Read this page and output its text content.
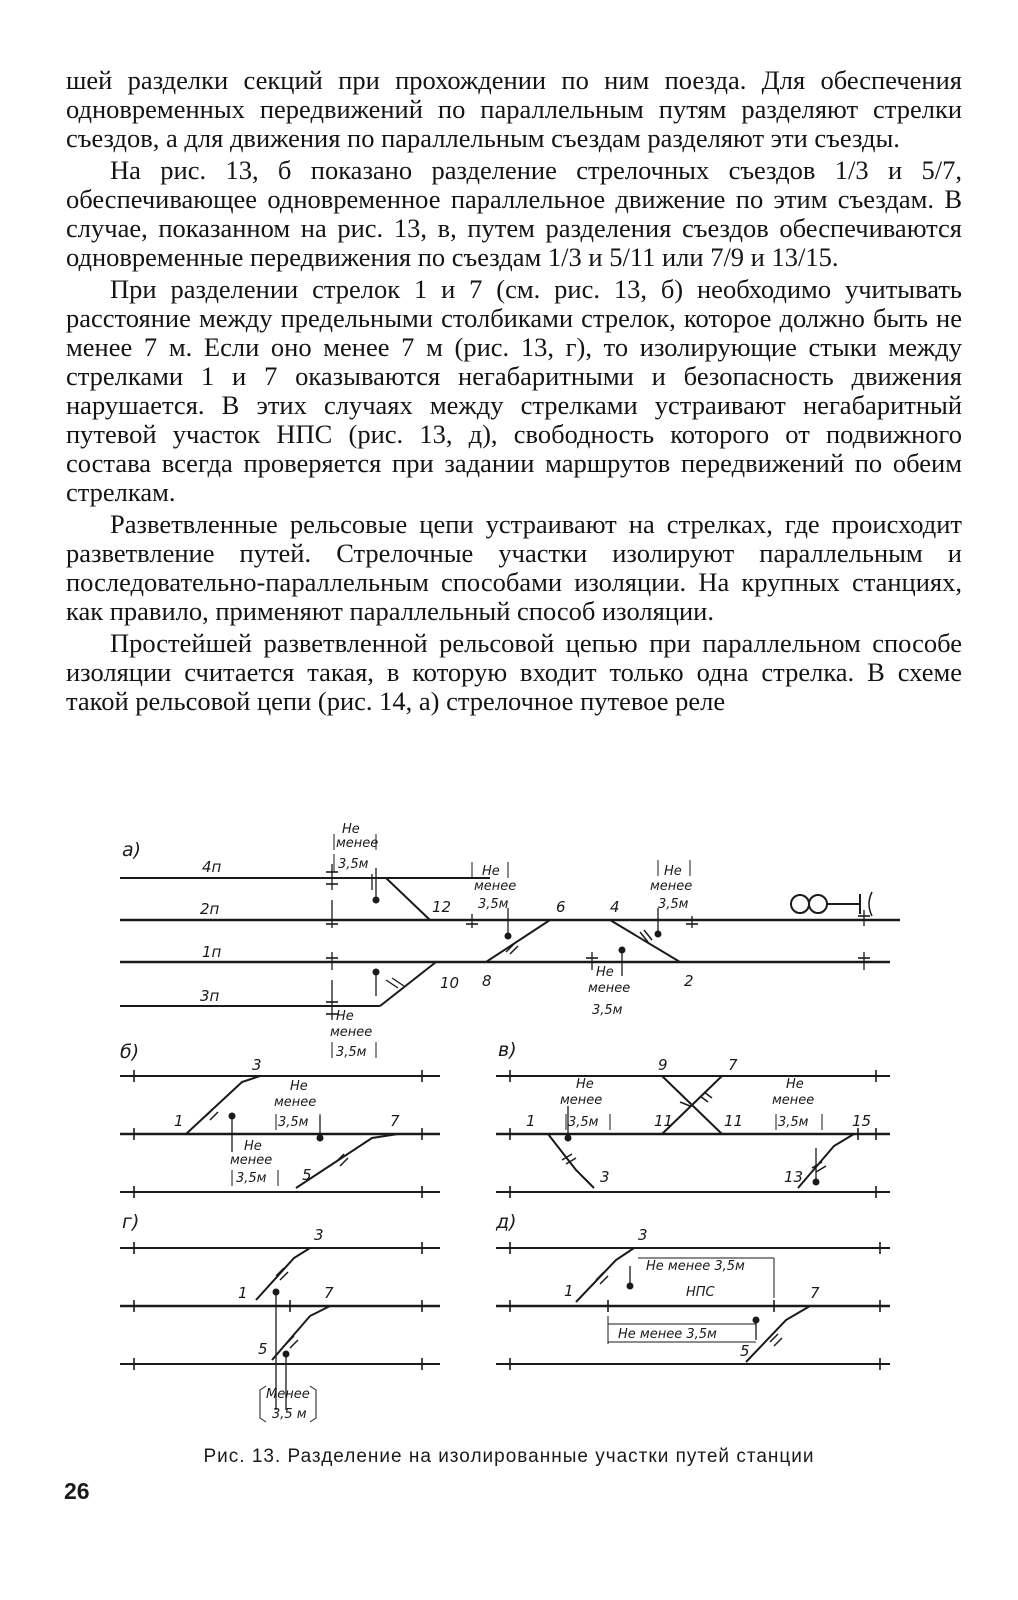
шей разделки секций при прохождении по ним поезда. Для обеспечения одновременных передвижений по параллельным путям разделяют стрелки съездов, а для движения по параллельным съездам разделяют эти съезды.

На рис. 13, б показано разделение стрелочных съездов 1/3 и 5/7, обеспечивающее одновременное параллельное движение по этим съездам. В случае, показанном на рис. 13, в, путем разделения съездов обеспечиваются одновременные передвижения по съездам 1/3 и 5/11 или 7/9 и 13/15.

При разделении стрелок 1 и 7 (см. рис. 13, б) необходимо учитывать расстояние между предельными столбиками стрелок, которое должно быть не менее 7 м. Если оно менее 7 м (рис. 13, г), то изолирующие стыки между стрелками 1 и 7 оказываются негабаритными и безопасность движения нарушается. В этих случаях между стрелками устраивают негабаритный путевой участок НПС (рис. 13, д), свободность которого от подвижного состава всегда проверяется при задании маршрутов передвижений по обеим стрелкам.

Разветвленные рельсовые цепи устраивают на стрелках, где происходит разветвление путей. Стрелочные участки изолируют параллельным и последовательно-параллельным способами изоляции. На крупных станциях, как правило, применяют параллельный способ изоляции.

Простейшей разветвленной рельсовой цепью при параллельном способе изоляции считается такая, в которую входит только одна стрелка. В схеме такой рельсовой цепи (рис. 14, а) стрелочное путевое реле

а)
4п
2п
1п
3п
12
Не
менее
3,5м
6
8
Не
менее
3,5м	4
2
Не
менее
3,5м
Не
менее
3,5м
10
Не
менее
3,5м
б)
3
1	7
5
Не
менее
3,5м
Не
менее
3,5м
в)
1
3
9	7
11	11
13
15
Не
менее
3,5м
Не
менее
3,5м
г)
3
1	7
5
Менее
3,5 м
д)
3
1	7
5
Не менее 3,5м
НПС
Не менее 3,5м
Рис. 13. Разделение на изолированные участки путей станции
26
